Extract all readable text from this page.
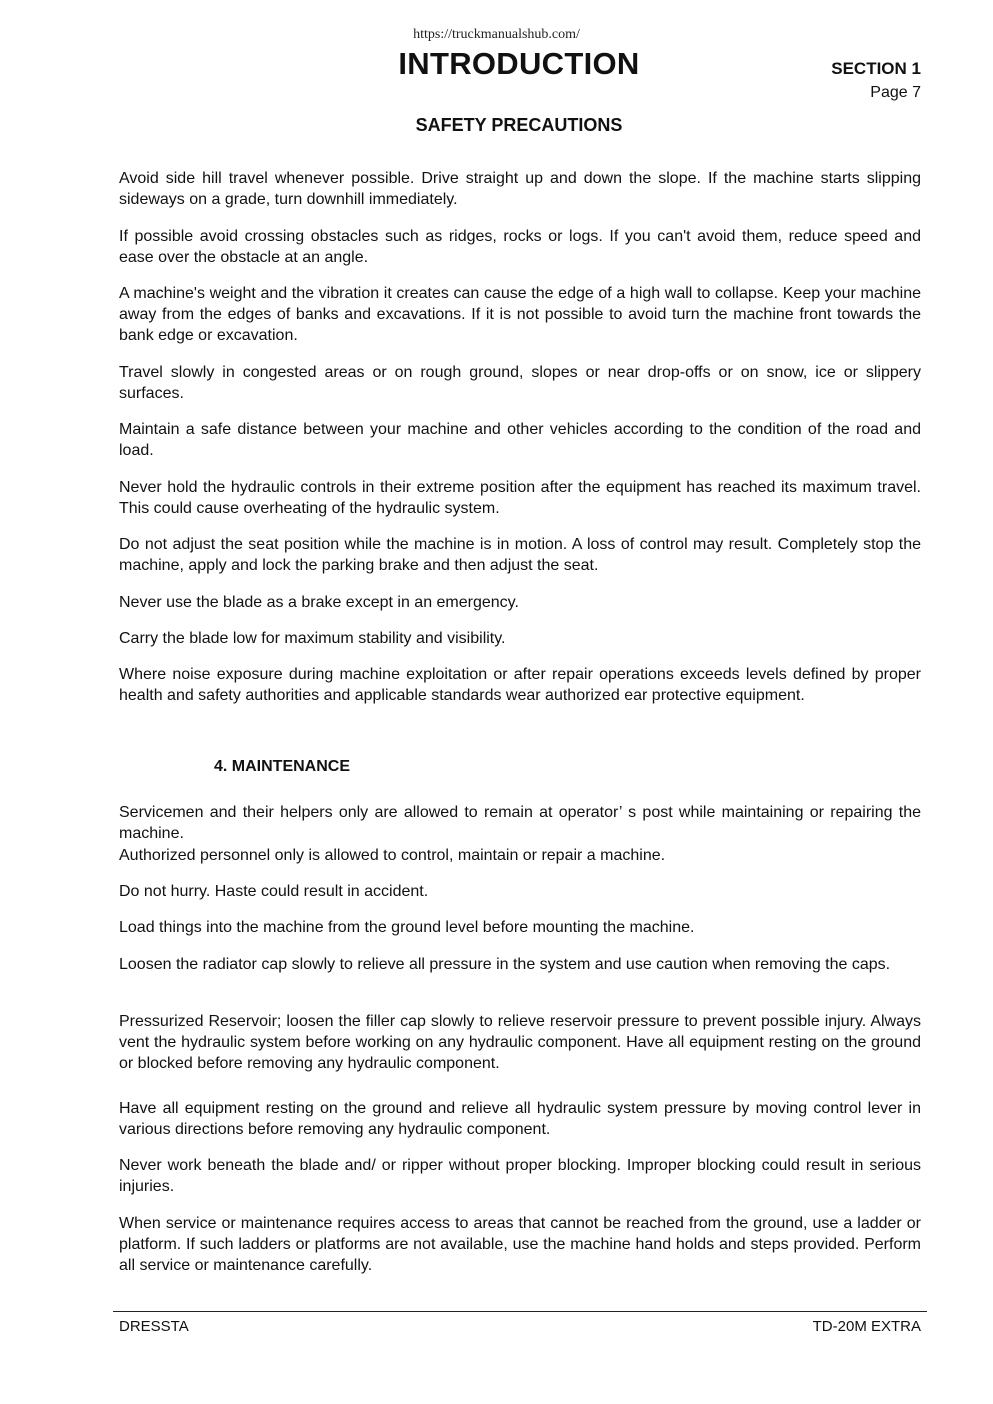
https://truckmanualshub.com/
INTRODUCTION	SECTION 1
Page 7
SAFETY PRECAUTIONS

Avoid side hill travel whenever possible. Drive straight up and down the slope. If the machine starts slipping sideways on a grade, turn downhill immediately.

If possible avoid crossing obstacles such as ridges, rocks or logs. If you can't avoid them, reduce speed and ease over the obstacle at an angle.

A machine's weight and the vibration it creates can cause the edge of a high wall to collapse. Keep your machine away from the edges of banks and excavations. If it is not possible to avoid turn the machine front towards the bank edge or excavation.

Travel slowly in congested areas or on rough ground, slopes or near drop-offs or on snow, ice or slippery surfaces.

Maintain a safe distance between your machine and other vehicles according to the condition of the road and load.

Never hold the hydraulic controls in their extreme position after the equipment has reached its maximum travel. This could cause overheating of the hydraulic system.

Do not adjust the seat position while the machine is in motion. A loss of control may result. Completely stop the machine, apply and lock the parking brake and then adjust the seat.

Never use the blade as a brake except in an emergency.

Carry the blade low for maximum stability and visibility.

Where noise exposure during machine exploitation or after repair operations exceeds levels defined by proper health and safety authorities and applicable standards wear authorized ear protective equipment.

4. MAINTENANCE

Servicemen and their helpers only are allowed to remain at operator’ s post while maintaining or repairing the machine.

Authorized personnel only is allowed to control, maintain or repair a machine.

Do not hurry. Haste could result in accident.

Load things into the machine from the ground level before mounting the machine.

Loosen the radiator cap slowly to relieve all pressure in the system and use caution when removing the caps.

Pressurized Reservoir; loosen the filler cap slowly to relieve reservoir pressure to prevent possible injury. Always vent the hydraulic system before working on any hydraulic component. Have all equipment resting on the ground or blocked before removing any hydraulic component.

Have all equipment resting on the ground and relieve all hydraulic system pressure by moving control lever in various directions before removing any hydraulic component.

Never work beneath the blade and/ or ripper without proper blocking. Improper blocking could result in serious injuries.

When service or maintenance requires access to areas that cannot be reached from the ground, use a ladder or platform. If such ladders or platforms are not available, use the machine hand holds and steps provided. Perform all service or maintenance carefully.

DRESSTA	TD-20M EXTRA
